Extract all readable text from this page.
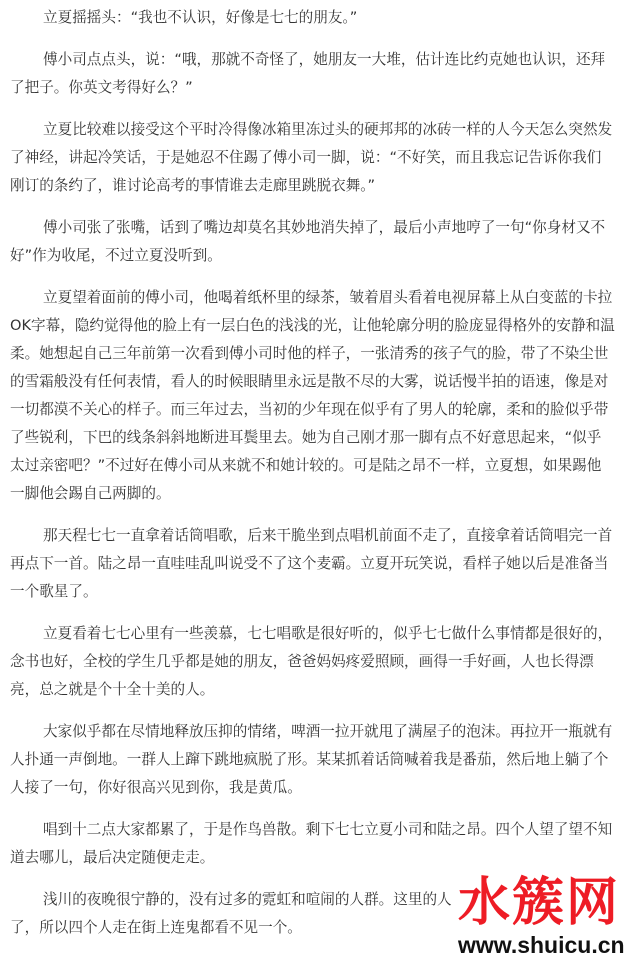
立夏摇摇头：“我也不认识，好像是七七的朋友。”

傅小司点点头，说：“哦，那就不奇怪了，她朋友一大堆，估计连比约克她也认识，还拜
了把子。你英文考得好么？”

立夏比较难以接受这个平时冷得像冰箱里冻过头的硬邦邦的冰砖一样的人今天怎么突然发
了神经，讲起冷笑话，于是她忍不住踢了傅小司一脚，说：“不好笑，而且我忘记告诉你我们
刚订的条约了，谁讨论高考的事情谁去走廊里跳脱衣舞。”

傅小司张了张嘴，话到了嘴边却莫名其妙地消失掉了，最后小声地哼了一句“你身材又不
好”作为收尾，不过立夏没听到。

立夏望着面前的傅小司，他喝着纸杯里的绿茶，皱着眉头看着电视屏幕上从白变蓝的卡拉
OK字幕，隐约觉得他的脸上有一层白色的浅浅的光，让他轮廓分明的脸庞显得格外的安静和温
柔。她想起自己三年前第一次看到傅小司时他的样子，一张清秀的孩子气的脸，带了不染尘世
的雪霜般没有任何表情，看人的时候眼睛里永远是散不尽的大雾，说话慢半拍的语速，像是对
一切都漠不关心的样子。而三年过去，当初的少年现在似乎有了男人的轮廓，柔和的脸似乎带
了些锐利，下巴的线条斜斜地断进耳鬓里去。她为自己刚才那一脚有点不好意思起来，“似乎
太过亲密吧？”不过好在傅小司从来就不和她计较的。可是陆之昂不一样，立夏想，如果踢他
一脚他会踢自己两脚的。

那天程七七一直拿着话筒唱歌，后来干脆坐到点唱机前面不走了，直接拿着话筒唱完一首
再点下一首。陆之昂一直哇哇乱叫说受不了这个麦霸。立夏开玩笑说，看样子她以后是准备当
一个歌星了。

立夏看着七七心里有一些羡慕，七七唱歌是很好听的，似乎七七做什么事情都是很好的，
念书也好，全校的学生几乎都是她的朋友，爸爸妈妈疼爱照顾，画得一手好画，人也长得漂
亮，总之就是个十全十美的人。

大家似乎都在尽情地释放压抑的情绪，啤酒一拉开就甩了满屋子的泡沫。再拉开一瓶就有
人扑通一声倒地。一群人上蹿下跳地疯脱了形。某某抓着话筒喊着我是番茄，然后地上躺了个
人接了一句，你好很高兴见到你，我是黄瓜。

唱到十二点大家都累了，于是作鸟兽散。剩下七七立夏小司和陆之昂。四个人望了望不知
道去哪儿，最后决定随便走走。

浅川的夜晚很宁静的，没有过多的霓虹和喧闹的人群。这里的人
了，所以四个人走在街上连鬼都看不见一个。	水簇网
www.shuicu.cn
